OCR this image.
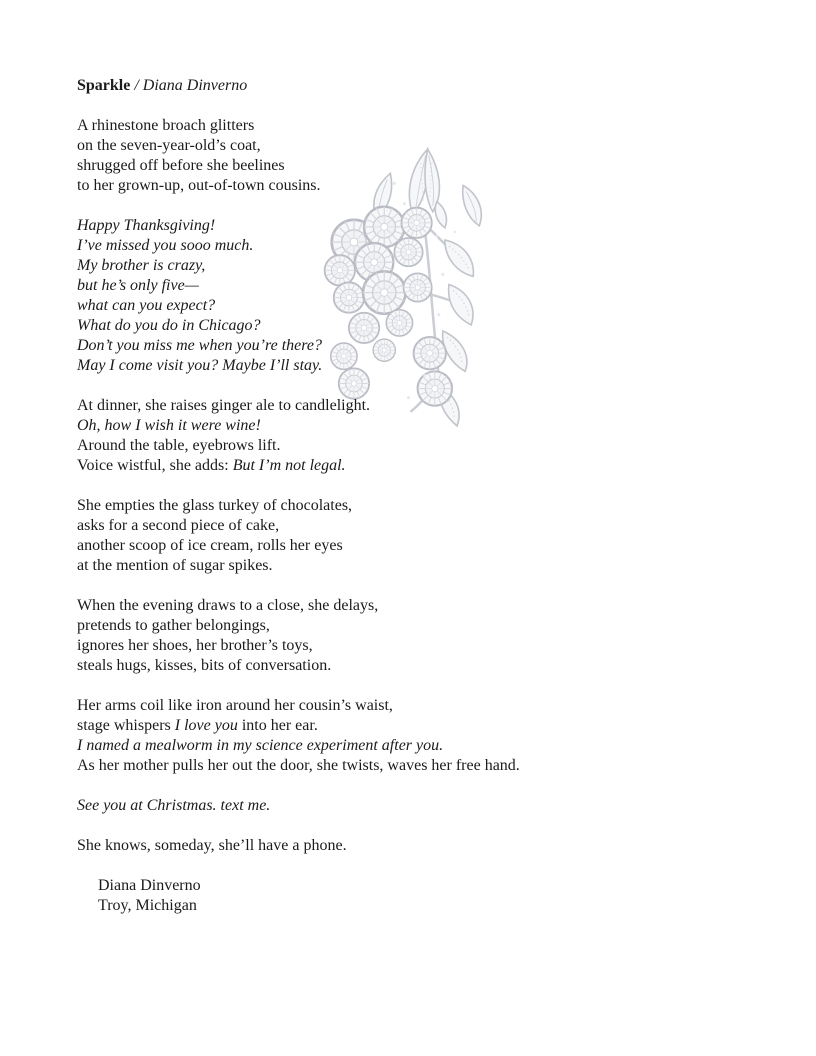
Sparkle / Diana Dinverno

A rhinestone broach glitters
on the seven-year-old’s coat,
shrugged off before she beelines
to her grown-up, out-of-town cousins.

Happy Thanksgiving!
I’ve missed you sooo much.
My brother is crazy,
but he’s only five—
what can you expect?
What do you do in Chicago?
Don’t you miss me when you’re there?
May I come visit you? Maybe I’ll stay.

At dinner, she raises ginger ale to candlelight.
Oh, how I wish it were wine!
Around the table, eyebrows lift.
Voice wistful, she adds: But I’m not legal.

She empties the glass turkey of chocolates,
asks for a second piece of cake,
another scoop of ice cream, rolls her eyes
at the mention of sugar spikes.

When the evening draws to a close, she delays,
pretends to gather belongings,
ignores her shoes, her brother’s toys,
steals hugs, kisses, bits of conversation.

Her arms coil like iron around her cousin’s waist,
stage whispers I love you into her ear.
I named a mealworm in my science experiment after you.
As her mother pulls her out the door, she twists, waves her free hand.

See you at Christmas. text me.

She knows, someday, she’ll have a phone.

Diana Dinverno
Troy, Michigan
